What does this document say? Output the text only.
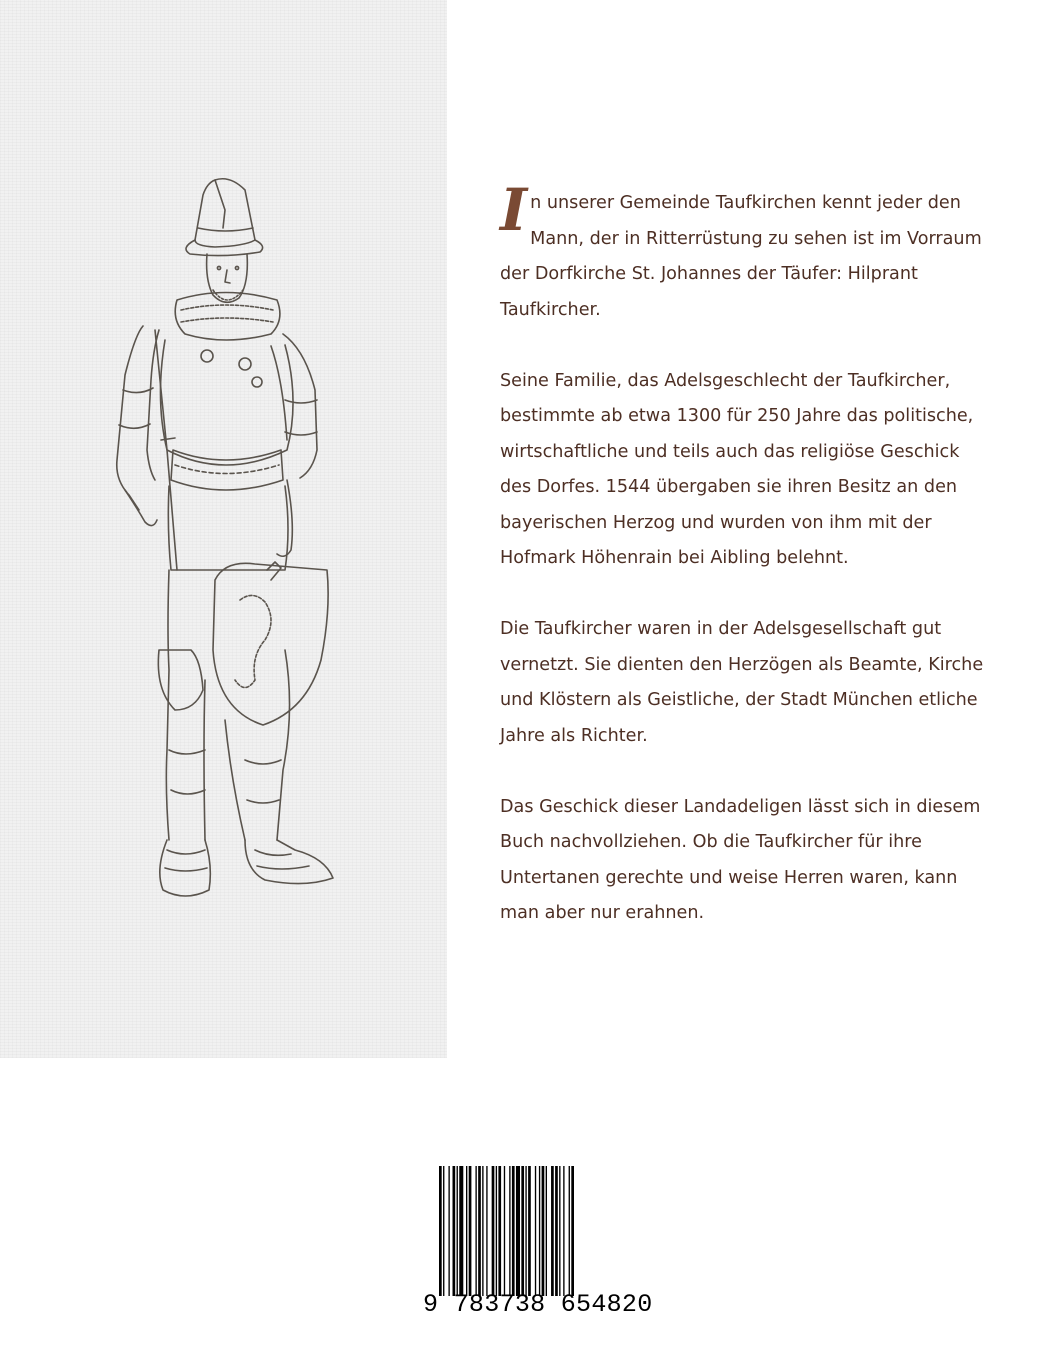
In unserer Gemeinde Taufkirchen kennt jeder den Mann, der in Ritterrüstung zu sehen ist im Vorraum der Dorfkirche St. Johannes der Täufer: Hilprant Taufkircher.

Seine Familie, das Adelsgeschlecht der Taufkircher, bestimmte ab etwa 1300 für 250 Jahre das politische, wirtschaftliche und teils auch das religiöse Geschick des Dorfes. 1544 übergaben sie ihren Besitz an den bayerischen Herzog und wurden von ihm mit der Hofmark Höhenrain bei Aibling belehnt.

Die Taufkircher waren in der Adelsgesellschaft gut vernetzt. Sie dienten den Herzögen als Beamte, Kirche und Klöstern als Geistliche, der Stadt München etliche Jahre als Richter.

Das Geschick dieser Landadeligen lässt sich in diesem Buch nachvollziehen. Ob die Taufkircher für ihre Untertanen gerechte und weise Herren waren, kann man aber nur erahnen.

9 783738 654820
